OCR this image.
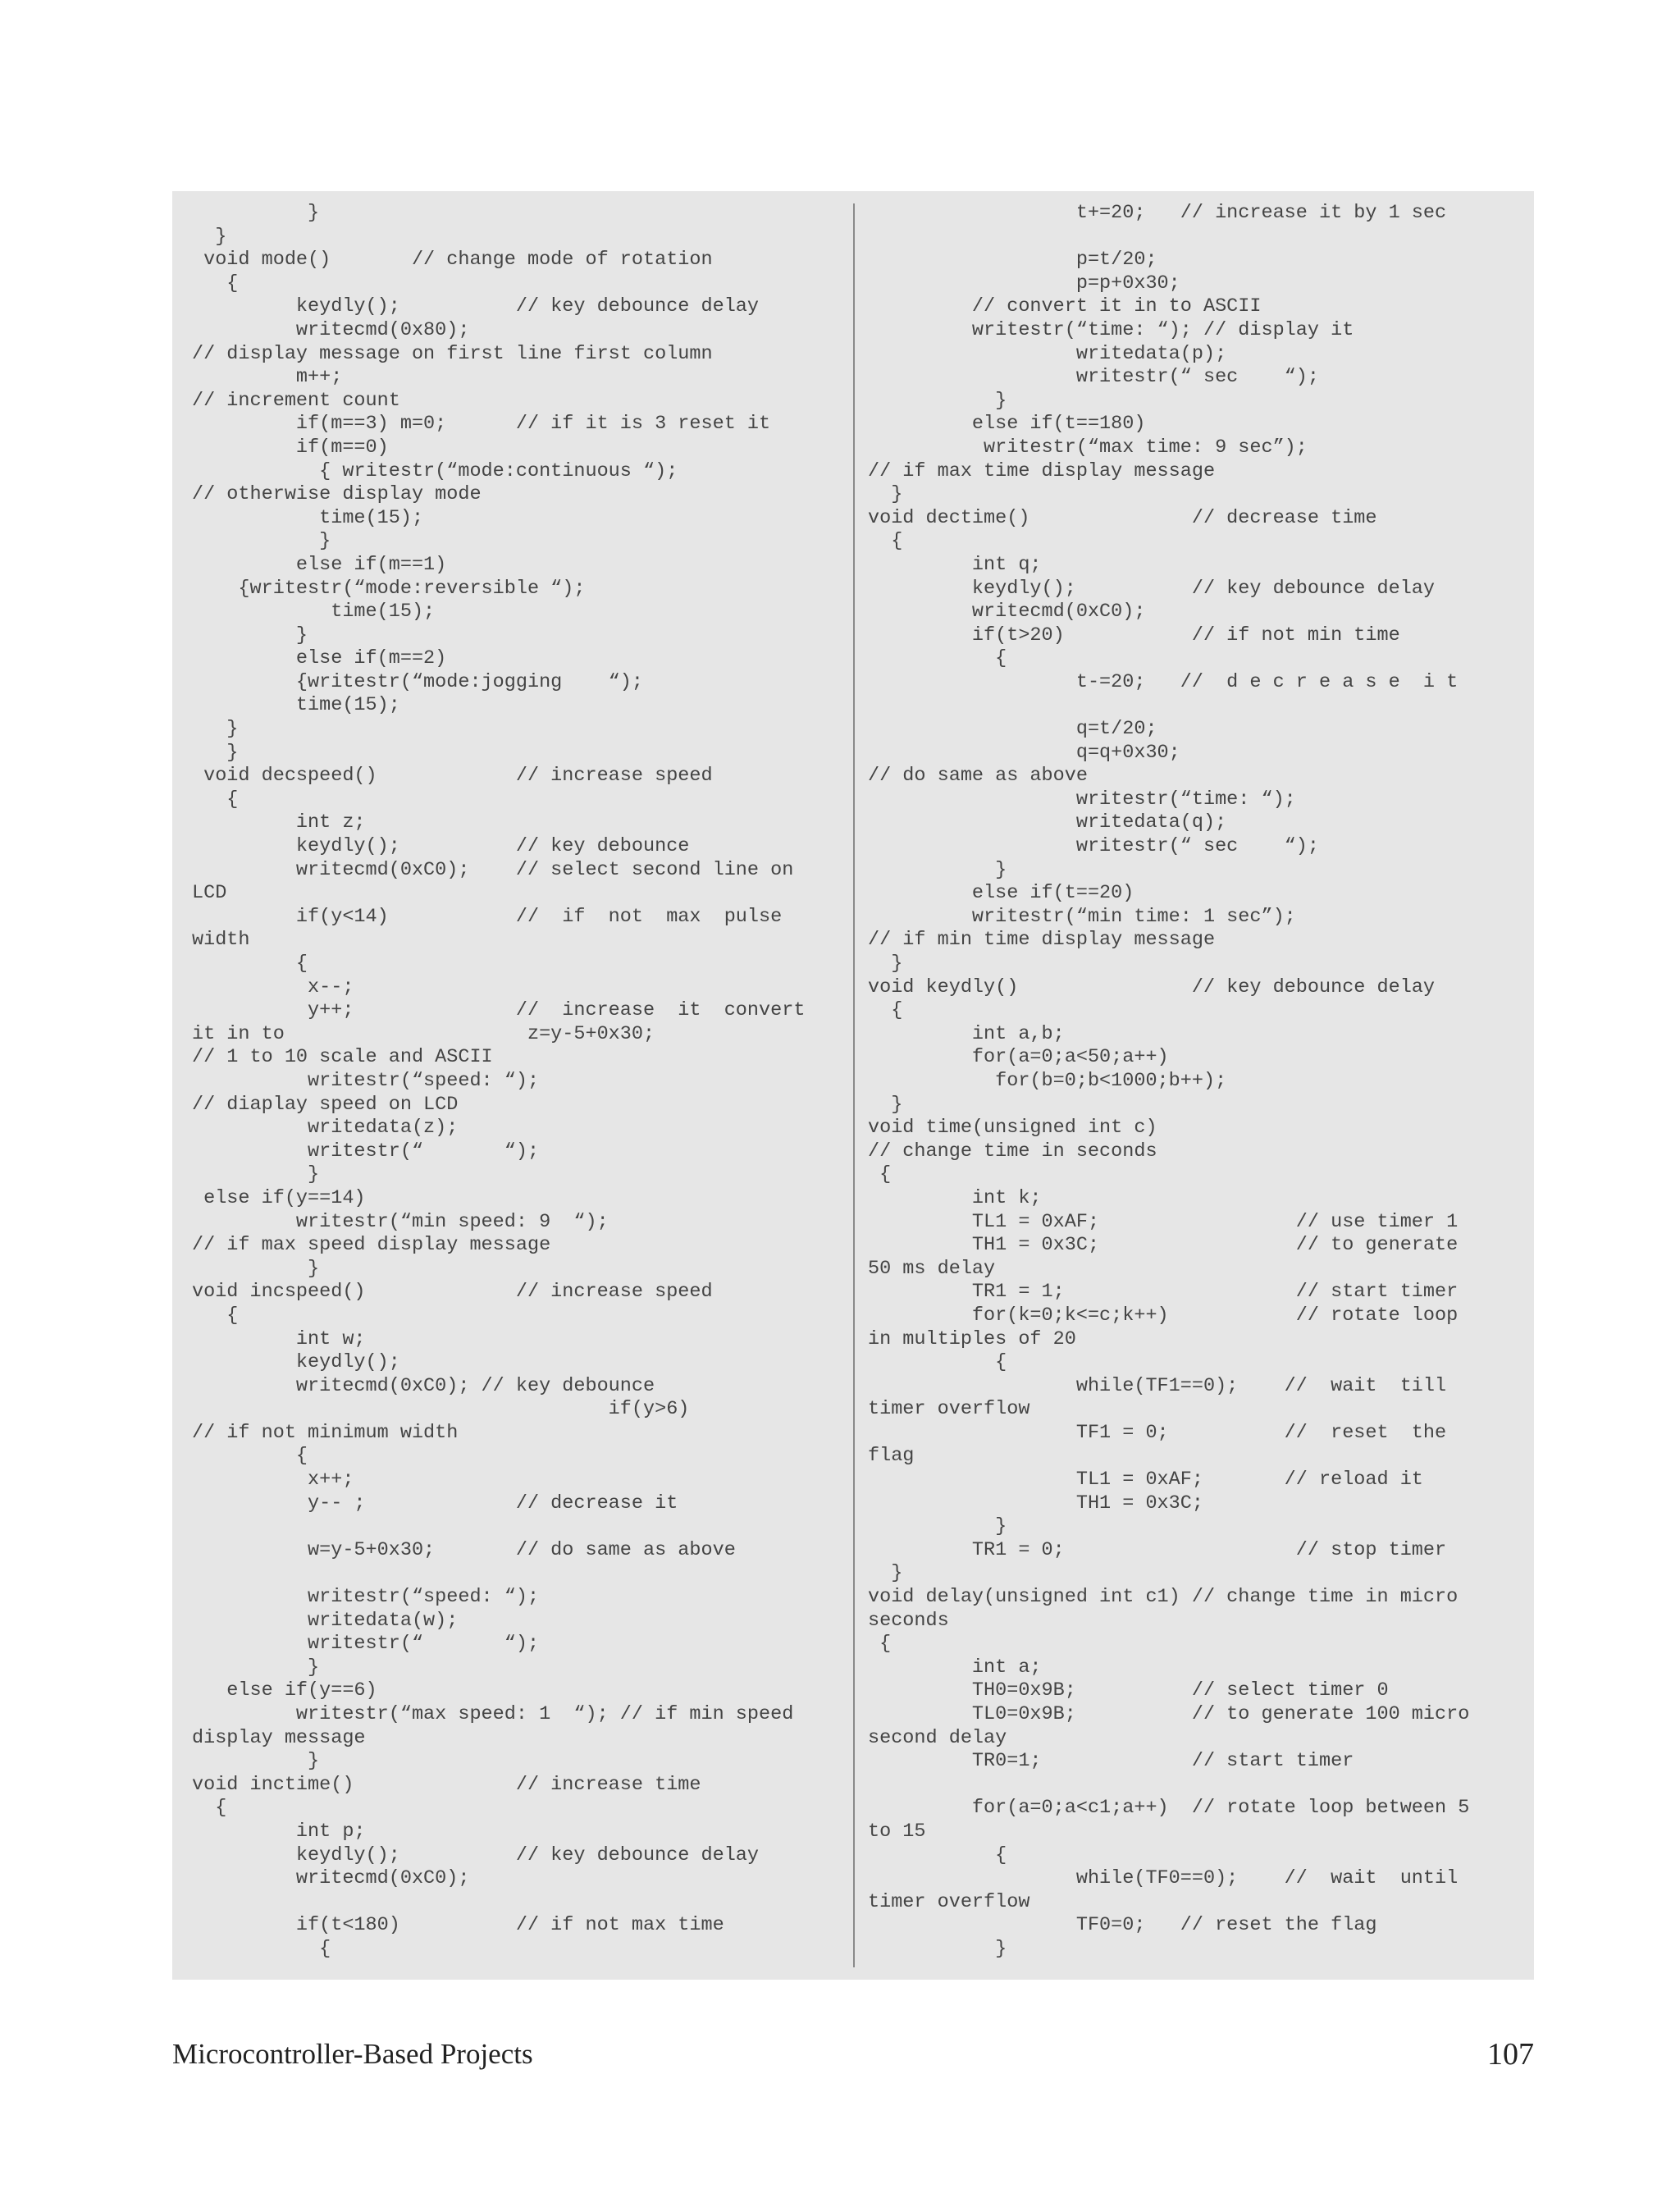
}
}
void mode()       // change mode of rotation
{
keydly();          // key debounce delay
writecmd(0x80);
// display message on first line first column
m++;
// increment count
if(m==3) m=0;      // if it is 3 reset it
if(m==0)
{ writestr(“mode:continuous “);
// otherwise display mode
time(15);
}
else if(m==1)
{writestr(“mode:reversible “);
time(15);
}
else if(m==2)
{writestr(“mode:jogging    “);
time(15);
}
}
void decspeed()            // increase speed
{
int z;
keydly();          // key debounce
writecmd(0xC0);    // select second line on
LCD
if(y<14)           //  if  not  max  pulse
width
{
x--;
y++;              //  increase  it  convert
it in to                     z=y-5+0x30;
// 1 to 10 scale and ASCII
writestr(“speed: “);
// diaplay speed on LCD
writedata(z);
writestr(“       “);
}
else if(y==14)
writestr(“min speed: 9  “);
// if max speed display message
}
void incspeed()             // increase speed
{
int w;
keydly();
writecmd(0xC0); // key debounce
if(y>6)
// if not minimum width
{
x++;
y-- ;             // decrease it
w=y-5+0x30;       // do same as above
writestr(“speed: “);
writedata(w);
writestr(“       “);
}
else if(y==6)
writestr(“max speed: 1  “); // if min speed
display message
}
void inctime()              // increase time
{
int p;
keydly();          // key debounce delay
writecmd(0xC0);
if(t<180)          // if not max time
{
t+=20;   // increase it by 1 sec
p=t/20;
p=p+0x30;
// convert it in to ASCII
writestr(“time: “); // display it
writedata(p);
writestr(“ sec    “);
}
else if(t==180)
writestr(“max time: 9 sec”);
// if max time display message
}
void dectime()              // decrease time
{
int q;
keydly();          // key debounce delay
writecmd(0xC0);
if(t>20)           // if not min time
{
t-=20;   //  d e c r e a s e  i t
q=t/20;
q=q+0x30;
// do same as above
writestr(“time: “);
writedata(q);
writestr(“ sec    “);
}
else if(t==20)
writestr(“min time: 1 sec”);
// if min time display message
}
void keydly()               // key debounce delay
{
int a,b;
for(a=0;a<50;a++)
for(b=0;b<1000;b++);
}
void time(unsigned int c)
// change time in seconds
{
int k;
TL1 = 0xAF;                 // use timer 1
TH1 = 0x3C;                 // to generate
50 ms delay
TR1 = 1;                    // start timer
for(k=0;k<=c;k++)           // rotate loop
in multiples of 20
{
while(TF1==0);    //  wait  till
timer overflow
TF1 = 0;          //  reset  the
flag
TL1 = 0xAF;       // reload it
TH1 = 0x3C;
}
TR1 = 0;                    // stop timer
}
void delay(unsigned int c1) // change time in micro
seconds
{
int a;
TH0=0x9B;          // select timer 0
TL0=0x9B;          // to generate 100 micro
second delay
TR0=1;             // start timer
for(a=0;a<c1;a++)  // rotate loop between 5
to 15
{
while(TF0==0);    //  wait  until
timer overflow
TF0=0;   // reset the flag
}
Microcontroller-Based Projects	107
